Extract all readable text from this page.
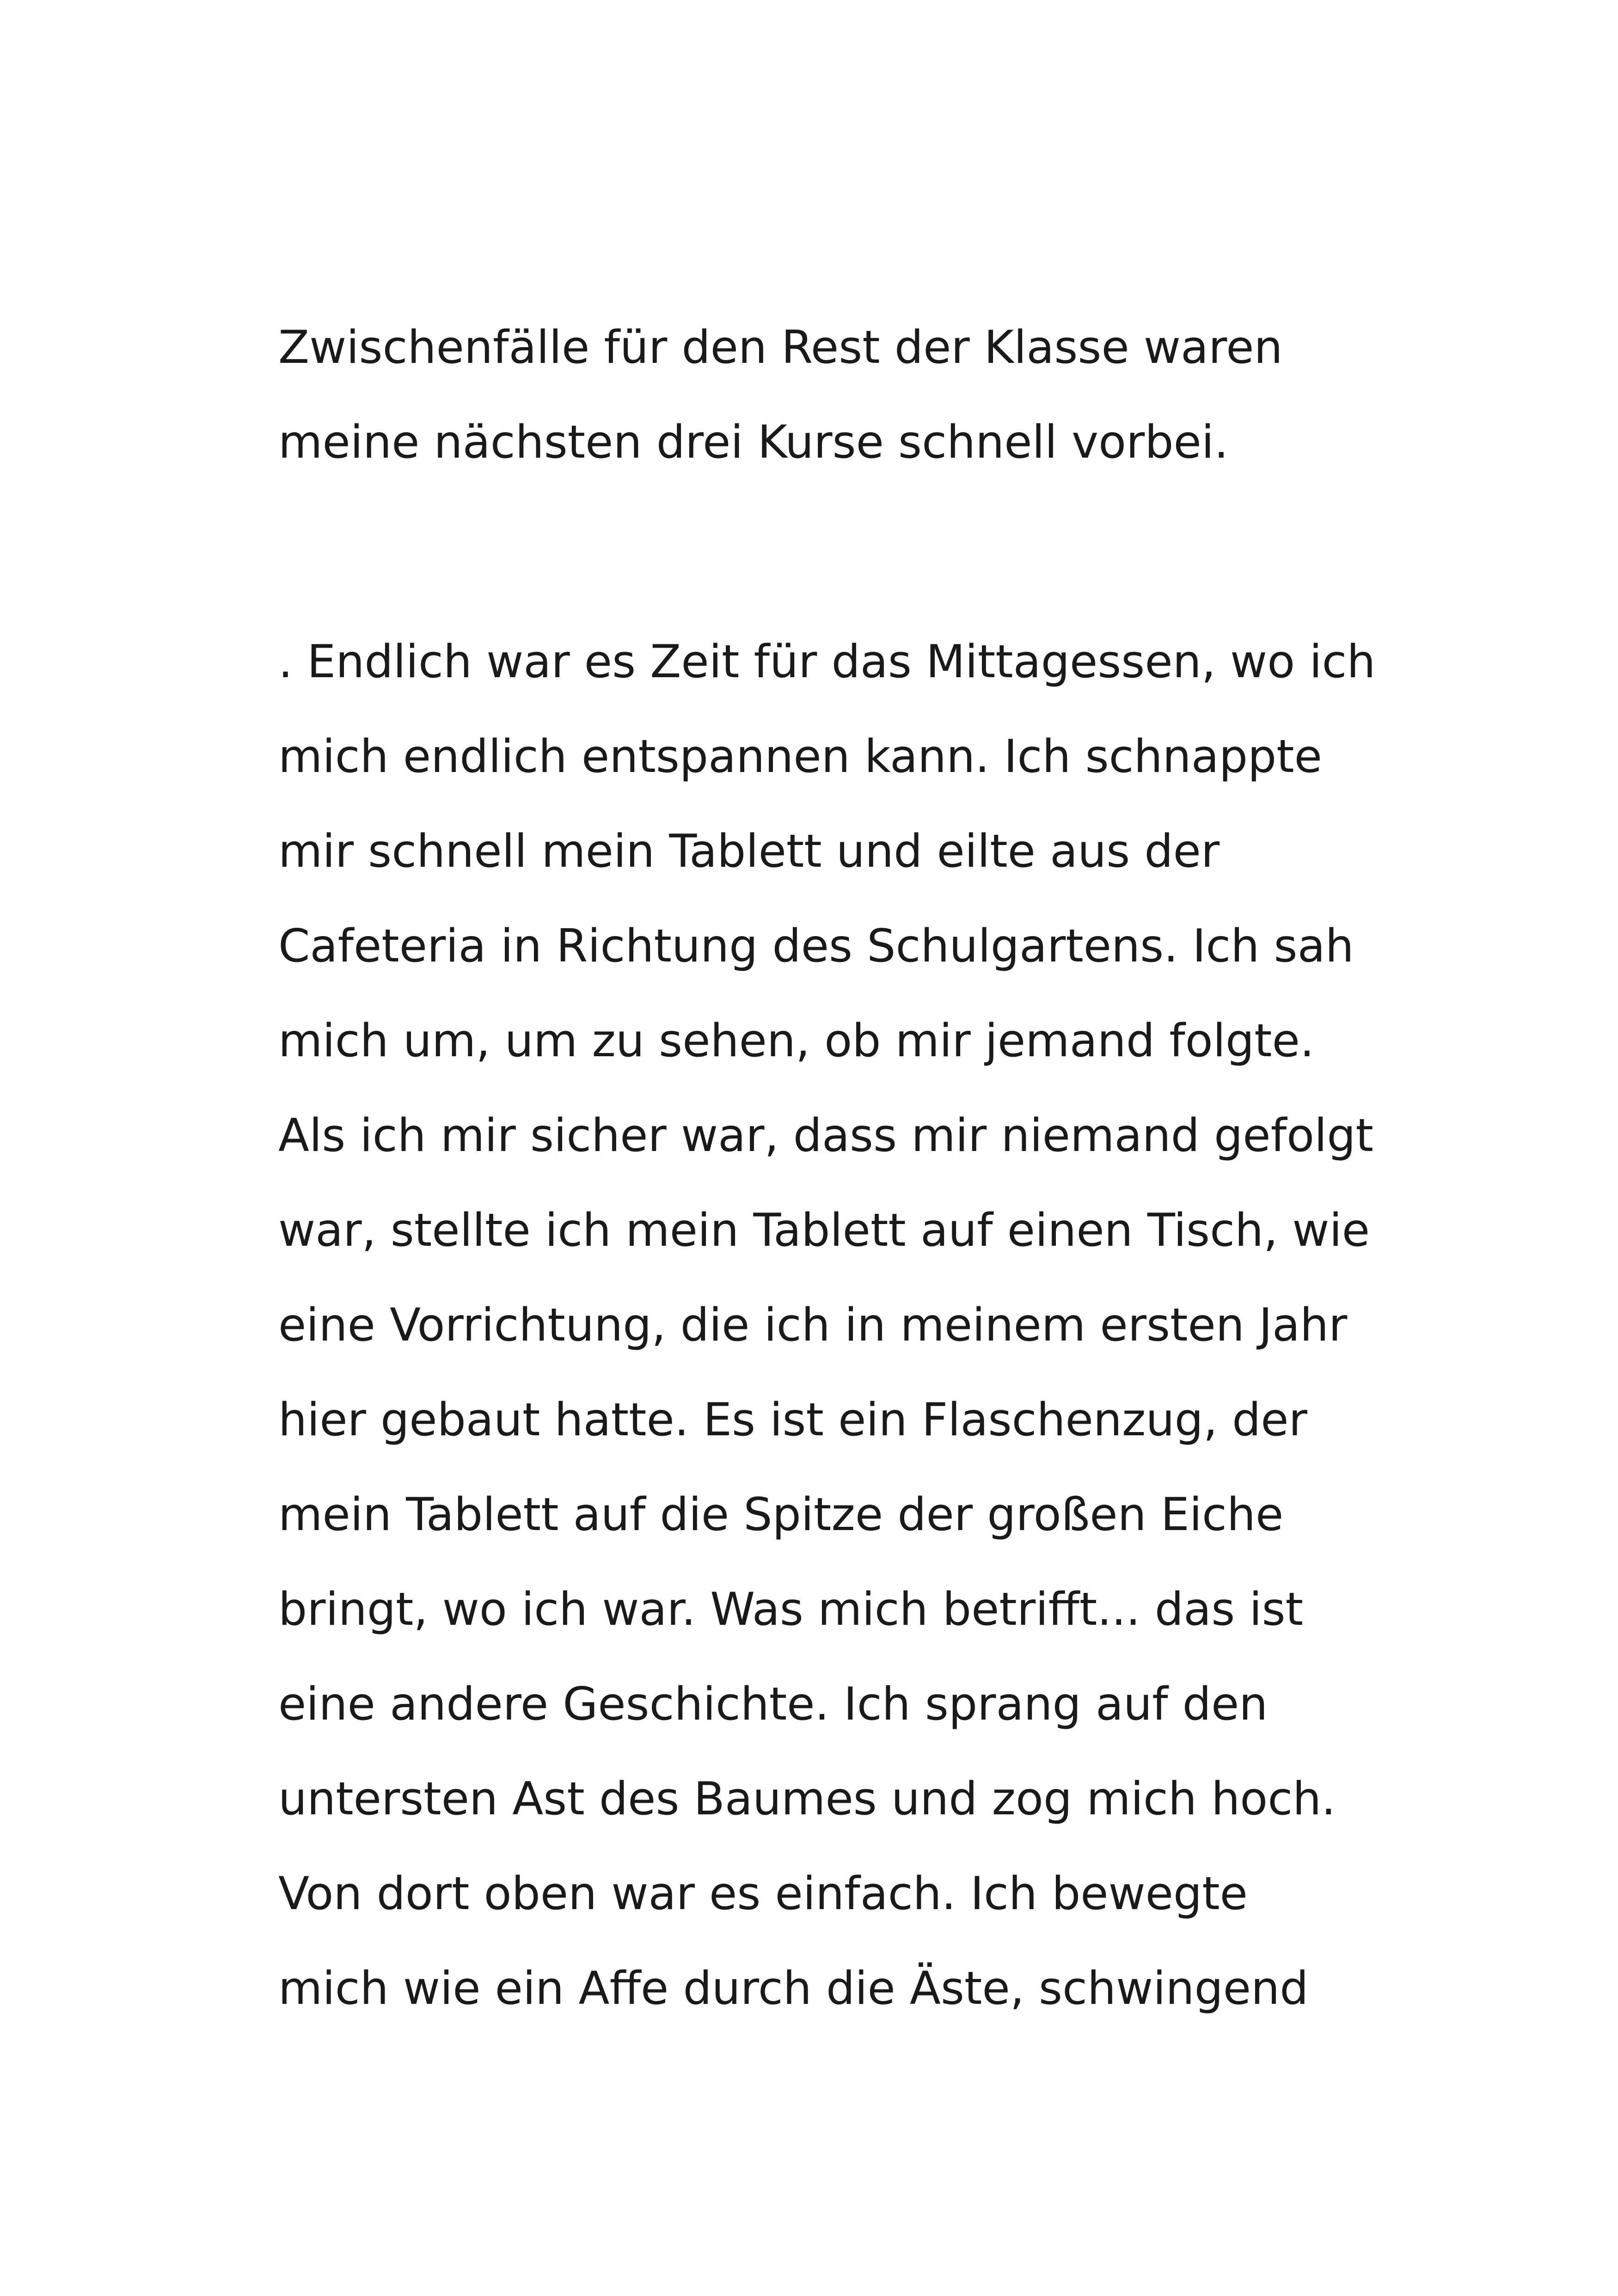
Zwischenfälle für den Rest der Klasse waren
meine nächsten drei Kurse schnell vorbei.
. Endlich war es Zeit für das Mittagessen, wo ich
mich endlich entspannen kann. Ich schnappte
mir schnell mein Tablett und eilte aus der
Cafeteria in Richtung des Schulgartens. Ich sah
mich um, um zu sehen, ob mir jemand folgte.
Als ich mir sicher war, dass mir niemand gefolgt
war, stellte ich mein Tablett auf einen Tisch, wie
eine Vorrichtung, die ich in meinem ersten Jahr
hier gebaut hatte. Es ist ein Flaschenzug, der
mein Tablett auf die Spitze der großen Eiche
bringt, wo ich war. Was mich betrifft... das ist
eine andere Geschichte. Ich sprang auf den
untersten Ast des Baumes und zog mich hoch.
Von dort oben war es einfach. Ich bewegte
mich wie ein Affe durch die Äste, schwingend
